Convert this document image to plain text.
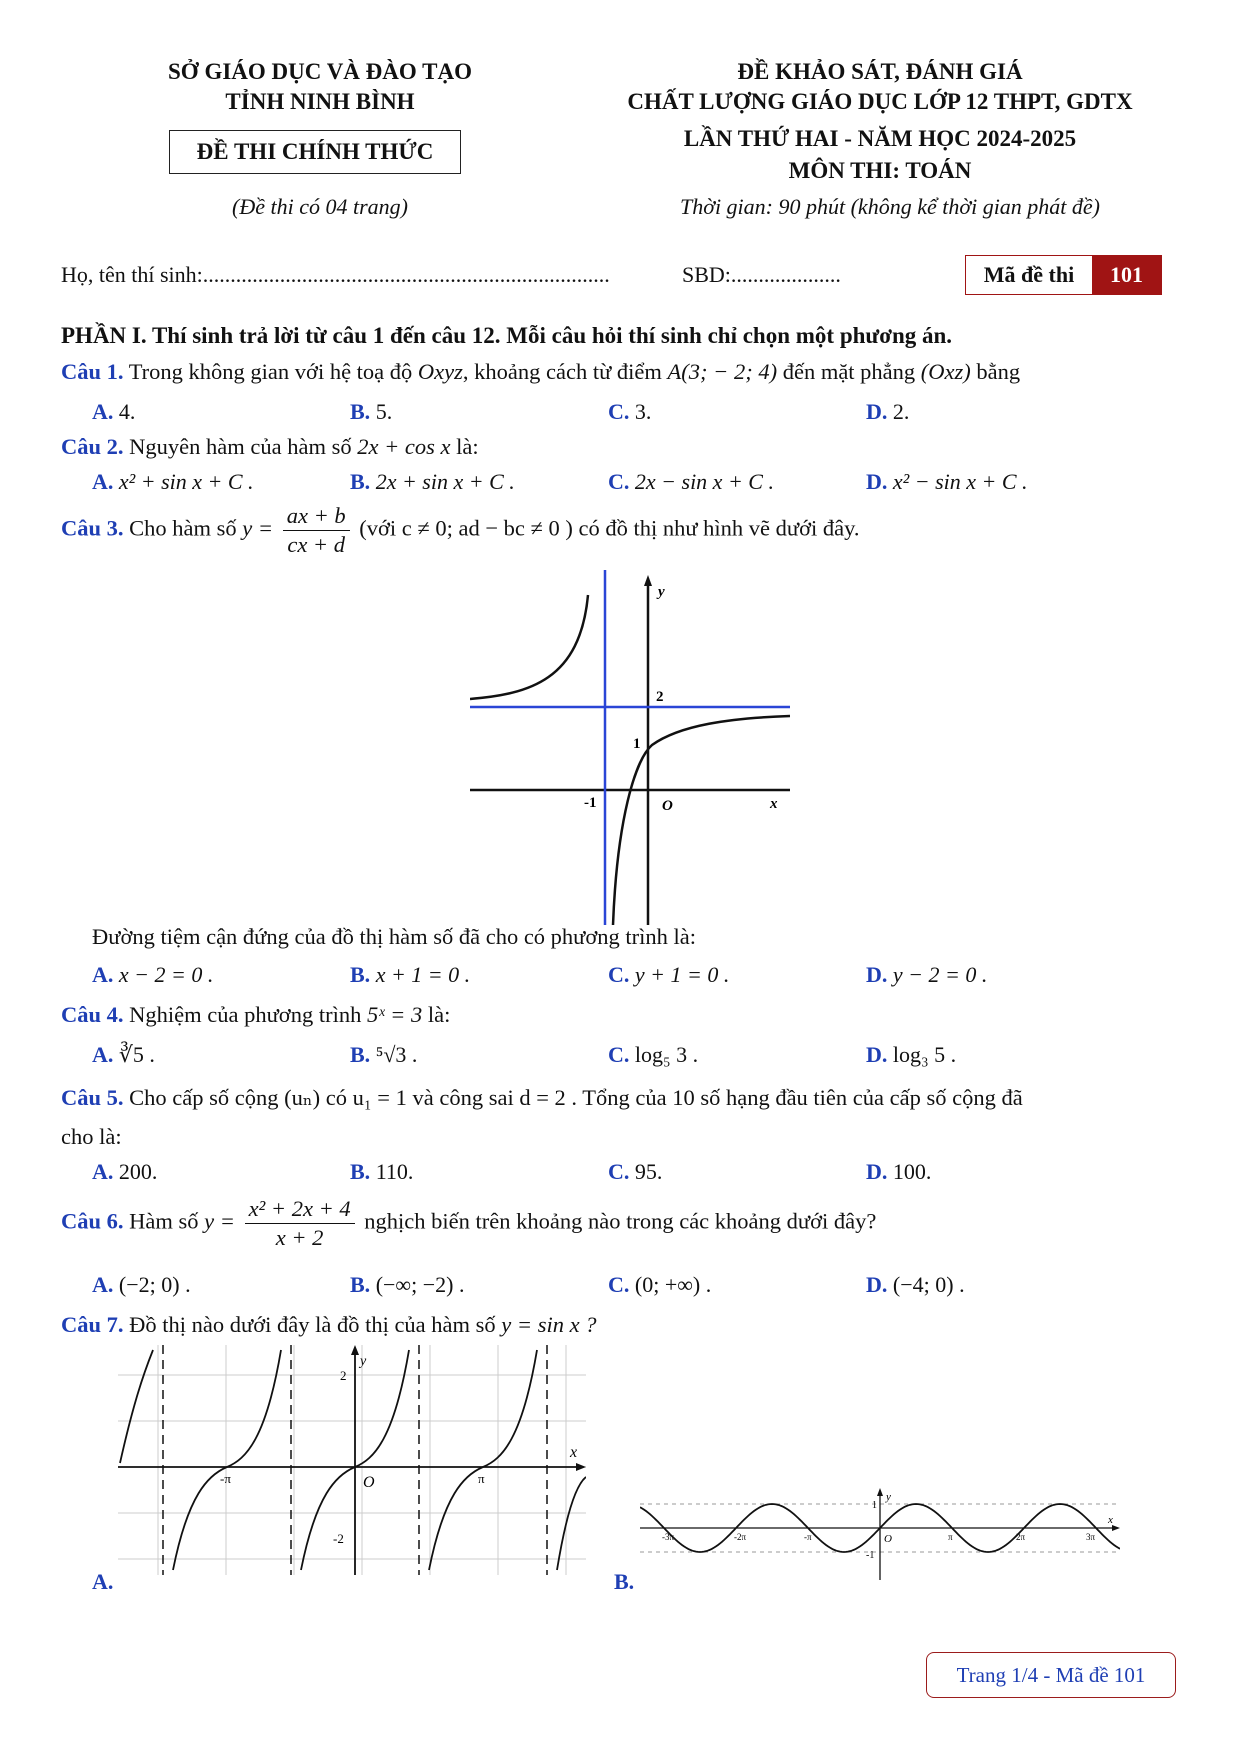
SỞ GIÁO DỤC VÀ ĐÀO TẠO
TỈNH NINH BÌNH
ĐỀ THI CHÍNH THỨC
(Đề thi có 04 trang)
ĐỀ KHẢO SÁT, ĐÁNH GIÁ
CHẤT LƯỢNG GIÁO DỤC LỚP 12 THPT, GDTX
LẦN THỨ HAI - NĂM HỌC 2024-2025
MÔN THI: TOÁN
Thời gian: 90 phút (không kể thời gian phát đề)
Họ, tên thí sinh:..........................................................................	SBD:....................	Mã đề thi	101
PHẦN I. Thí sinh trả lời từ câu 1 đến câu 12. Mỗi câu hỏi thí sinh chỉ chọn một phương án.
Câu 1. Trong không gian với hệ toạ độ Oxyz, khoảng cách từ điểm A(3; − 2; 4) đến mặt phẳng (Oxz) bằng
A. 4.	B. 5.	C. 3.	D. 2.
Câu 2. Nguyên hàm của hàm số 2x + cos x là:
A. x² + sin x + C .	B. 2x + sin x + C .	C. 2x − sin x + C .	D. x² − sin x + C .
Câu 3. Cho hàm số $y = \frac{ax + b}{cx + d}$ (với c ≠ 0; ad − bc ≠ 0 ) có đồ thị như hình vẽ dưới đây.
y
x
O
2
1
-1
Đường tiệm cận đứng của đồ thị hàm số đã cho có phương trình là:
A. x − 2 = 0 .	B. x + 1 = 0 .	C. y + 1 = 0 .	D. y − 2 = 0 .
Câu 4. Nghiệm của phương trình 5ˣ = 3 là:
A. ∛5 .	B. ⁵√3 .	C. log₅ 3 .	D. log₃ 5 .
Câu 5. Cho cấp số cộng (uₙ) có u₁ = 1 và công sai d = 2 . Tổng của 10 số hạng đầu tiên của cấp số cộng đã
cho là:
A. 200.	B. 110.	C. 95.	D. 100.
Câu 6. Hàm số $y = \frac{\text{x² + 2x + 4}}{x + 2}$ nghịch biến trên khoảng nào trong các khoảng dưới đây?
A. (−2; 0) .	B. (−∞; −2) .	C. (0; +∞) .	D. (−4; 0) .
Câu 7. Đồ thị nào dưới đây là đồ thị của hàm số y = sin x ?
y
x
O
2
-2
-π	π
A.
y
x
O
1
-1
-3π	-2π	-π	π	2π	3π
B.
Trang 1/4 - Mã đề 101
